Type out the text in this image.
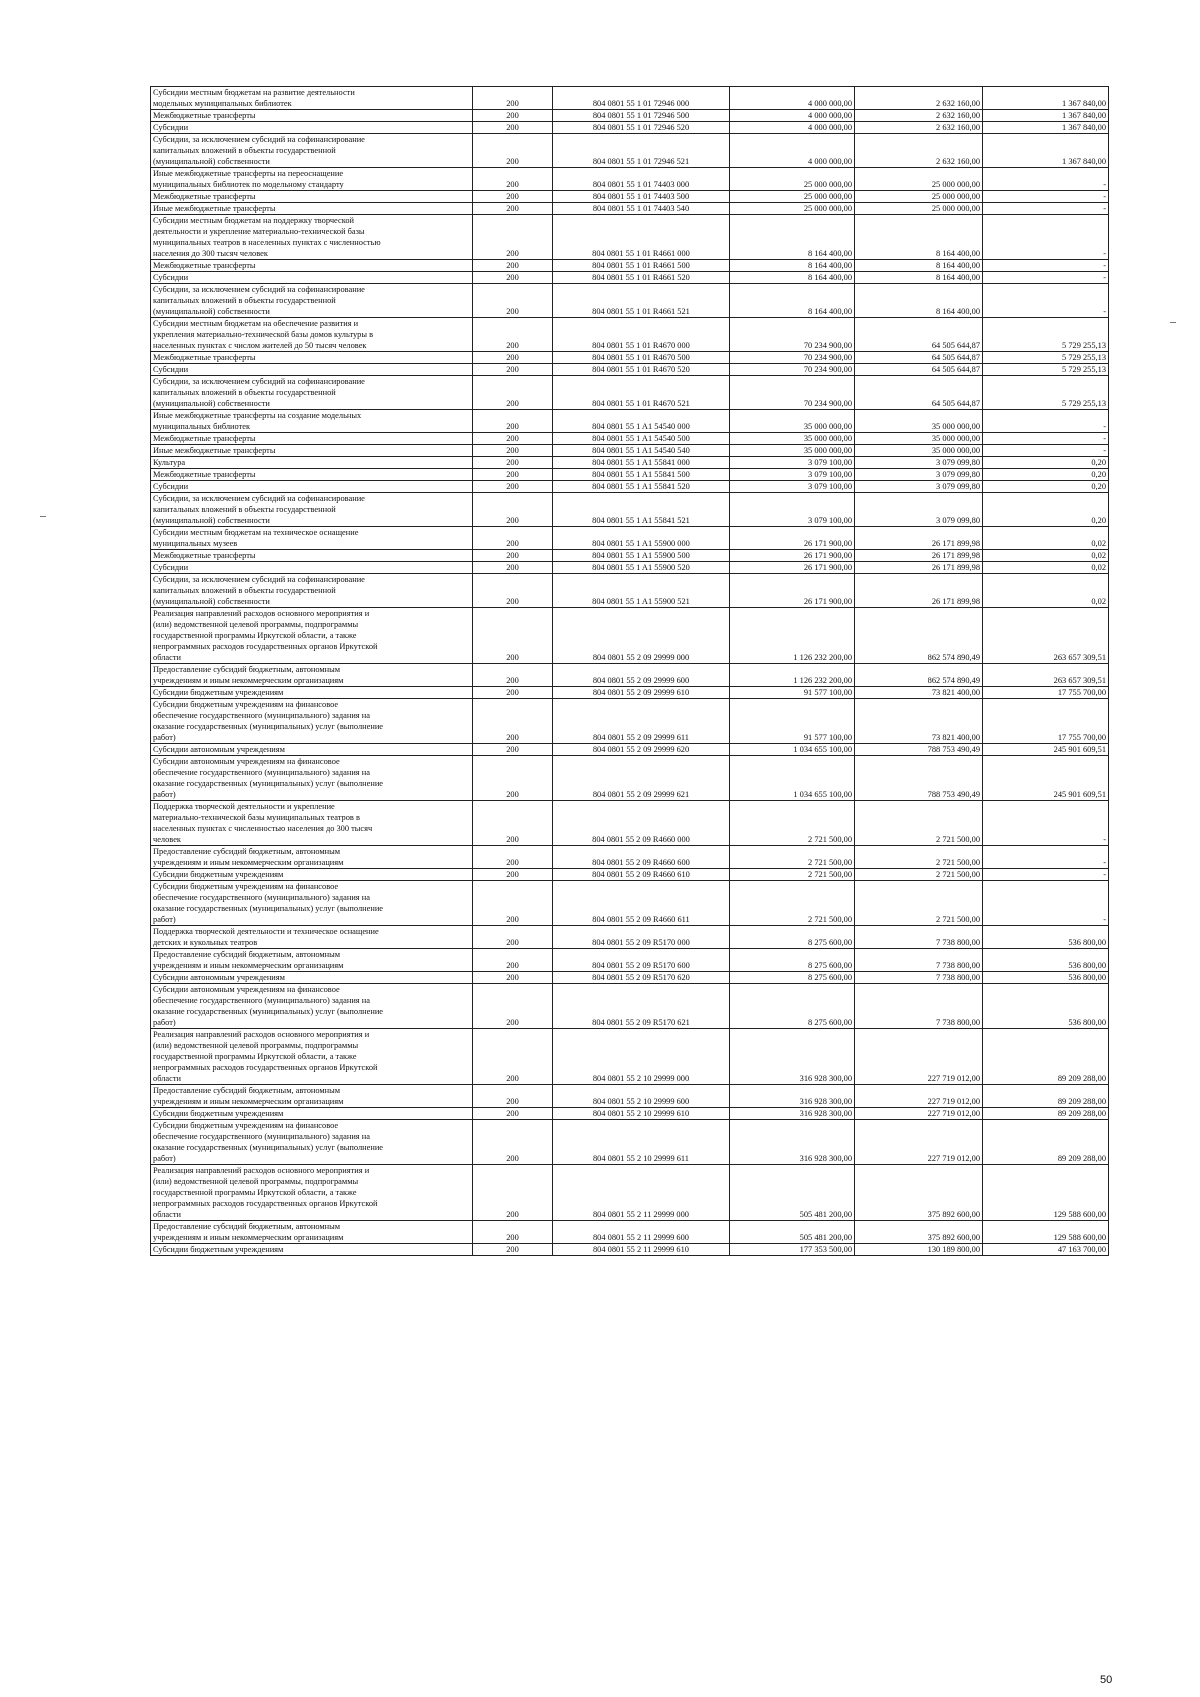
Субсидии местным бюджетам на развитие деятельности
модельных муниципальных библиотек	200	804 0801 55 1 01 72946 000	4 000 000,00	2 632 160,00	1 367 840,00
Межбюджетные трансферты	200	804 0801 55 1 01 72946 500	4 000 000,00	2 632 160,00	1 367 840,00
Субсидии	200	804 0801 55 1 01 72946 520	4 000 000,00	2 632 160,00	1 367 840,00
Субсидии, за исключением субсидий на софинансирование
капитальных вложений в объекты государственной
(муниципальной) собственности	200	804 0801 55 1 01 72946 521	4 000 000,00	2 632 160,00	1 367 840,00
Иные межбюджетные трансферты на переоснащение
муниципальных библиотек по модельному стандарту	200	804 0801 55 1 01 74403 000	25 000 000,00	25 000 000,00	-
Межбюджетные трансферты	200	804 0801 55 1 01 74403 500	25 000 000,00	25 000 000,00	-
Иные межбюджетные трансферты	200	804 0801 55 1 01 74403 540	25 000 000,00	25 000 000,00	-
Субсидии местным бюджетам на поддержку творческой
деятельности и укрепление материально-технической базы
муниципальных театров в населенных пунктах с численностью
населения до 300 тысяч человек	200	804 0801 55 1 01 R4661 000	8 164 400,00	8 164 400,00	-
Межбюджетные трансферты	200	804 0801 55 1 01 R4661 500	8 164 400,00	8 164 400,00	-
Субсидии	200	804 0801 55 1 01 R4661 520	8 164 400,00	8 164 400,00	-
Субсидии, за исключением субсидий на софинансирование
капитальных вложений в объекты государственной
(муниципальной) собственности	200	804 0801 55 1 01 R4661 521	8 164 400,00	8 164 400,00	-
Субсидии местным бюджетам на обеспечение развития и
укрепления материально-технической базы домов культуры в
населенных пунктах с числом жителей до 50 тысяч человек	200	804 0801 55 1 01 R4670 000	70 234 900,00	64 505 644,87	5 729 255,13
Межбюджетные трансферты	200	804 0801 55 1 01 R4670 500	70 234 900,00	64 505 644,87	5 729 255,13
Субсидии	200	804 0801 55 1 01 R4670 520	70 234 900,00	64 505 644,87	5 729 255,13
Субсидии, за исключением субсидий на софинансирование
капитальных вложений в объекты государственной
(муниципальной) собственности	200	804 0801 55 1 01 R4670 521	70 234 900,00	64 505 644,87	5 729 255,13
Иные межбюджетные трансферты на создание модельных
муниципальных библиотек	200	804 0801 55 1 A1 54540 000	35 000 000,00	35 000 000,00	-
Межбюджетные трансферты	200	804 0801 55 1 A1 54540 500	35 000 000,00	35 000 000,00	-
Иные межбюджетные трансферты	200	804 0801 55 1 A1 54540 540	35 000 000,00	35 000 000,00	-
Культура	200	804 0801 55 1 A1 55841 000	3 079 100,00	3 079 099,80	0,20
Межбюджетные трансферты	200	804 0801 55 1 A1 55841 500	3 079 100,00	3 079 099,80	0,20
Субсидии	200	804 0801 55 1 A1 55841 520	3 079 100,00	3 079 099,80	0,20
Субсидии, за исключением субсидий на софинансирование
капитальных вложений в объекты государственной
(муниципальной) собственности	200	804 0801 55 1 A1 55841 521	3 079 100,00	3 079 099,80	0,20
Субсидии местным бюджетам на техническое оснащение
муниципальных музеев	200	804 0801 55 1 A1 55900 000	26 171 900,00	26 171 899,98	0,02
Межбюджетные трансферты	200	804 0801 55 1 A1 55900 500	26 171 900,00	26 171 899,98	0,02
Субсидии	200	804 0801 55 1 A1 55900 520	26 171 900,00	26 171 899,98	0,02
Субсидии, за исключением субсидий на софинансирование
капитальных вложений в объекты государственной
(муниципальной) собственности	200	804 0801 55 1 A1 55900 521	26 171 900,00	26 171 899,98	0,02
Реализация направлений расходов основного мероприятия и
(или) ведомственной целевой программы, подпрограммы
государственной программы Иркутской области, а также
непрограммных расходов государственных органов Иркутской
области	200	804 0801 55 2 09 29999 000	1 126 232 200,00	862 574 890,49	263 657 309,51
Предоставление субсидий бюджетным, автономным
учреждениям и иным некоммерческим организациям	200	804 0801 55 2 09 29999 600	1 126 232 200,00	862 574 890,49	263 657 309,51
Субсидии бюджетным учреждениям	200	804 0801 55 2 09 29999 610	91 577 100,00	73 821 400,00	17 755 700,00
Субсидии бюджетным учреждениям на финансовое
обеспечение государственного (муниципального) задания на
оказание государственных (муниципальных) услуг (выполнение
работ)	200	804 0801 55 2 09 29999 611	91 577 100,00	73 821 400,00	17 755 700,00
Субсидии автономным учреждениям	200	804 0801 55 2 09 29999 620	1 034 655 100,00	788 753 490,49	245 901 609,51
Субсидии автономным учреждениям на финансовое
обеспечение государственного (муниципального) задания на
оказание государственных (муниципальных) услуг (выполнение
работ)	200	804 0801 55 2 09 29999 621	1 034 655 100,00	788 753 490,49	245 901 609,51
Поддержка творческой деятельности и укрепление
материально-технической базы муниципальных театров в
населенных пунктах с численностью населения до 300 тысяч
человек	200	804 0801 55 2 09 R4660 000	2 721 500,00	2 721 500,00	-
Предоставление субсидий бюджетным, автономным
учреждениям и иным некоммерческим организациям	200	804 0801 55 2 09 R4660 600	2 721 500,00	2 721 500,00	-
Субсидии бюджетным учреждениям	200	804 0801 55 2 09 R4660 610	2 721 500,00	2 721 500,00	-
Субсидии бюджетным учреждениям на финансовое
обеспечение государственного (муниципального) задания на
оказание государственных (муниципальных) услуг (выполнение
работ)	200	804 0801 55 2 09 R4660 611	2 721 500,00	2 721 500,00	-
Поддержка творческой деятельности и техническое оснащение
детских и кукольных театров	200	804 0801 55 2 09 R5170 000	8 275 600,00	7 738 800,00	536 800,00
Предоставление субсидий бюджетным, автономным
учреждениям и иным некоммерческим организациям	200	804 0801 55 2 09 R5170 600	8 275 600,00	7 738 800,00	536 800,00
Субсидии автономным учреждениям	200	804 0801 55 2 09 R5170 620	8 275 600,00	7 738 800,00	536 800,00
Субсидии автономным учреждениям на финансовое
обеспечение государственного (муниципального) задания на
оказание государственных (муниципальных) услуг (выполнение
работ)	200	804 0801 55 2 09 R5170 621	8 275 600,00	7 738 800,00	536 800,00
Реализация направлений расходов основного мероприятия и
(или) ведомственной целевой программы, подпрограммы
государственной программы Иркутской области, а также
непрограммных расходов государственных органов Иркутской
области	200	804 0801 55 2 10 29999 000	316 928 300,00	227 719 012,00	89 209 288,00
Предоставление субсидий бюджетным, автономным
учреждениям и иным некоммерческим организациям	200	804 0801 55 2 10 29999 600	316 928 300,00	227 719 012,00	89 209 288,00
Субсидии бюджетным учреждениям	200	804 0801 55 2 10 29999 610	316 928 300,00	227 719 012,00	89 209 288,00
Субсидии бюджетным учреждениям на финансовое
обеспечение государственного (муниципального) задания на
оказание государственных (муниципальных) услуг (выполнение
работ)	200	804 0801 55 2 10 29999 611	316 928 300,00	227 719 012,00	89 209 288,00
Реализация направлений расходов основного мероприятия и
(или) ведомственной целевой программы, подпрограммы
государственной программы Иркутской области, а также
непрограммных расходов государственных органов Иркутской
области	200	804 0801 55 2 11 29999 000	505 481 200,00	375 892 600,00	129 588 600,00
Предоставление субсидий бюджетным, автономным
учреждениям и иным некоммерческим организациям	200	804 0801 55 2 11 29999 600	505 481 200,00	375 892 600,00	129 588 600,00
Субсидии бюджетным учреждениям	200	804 0801 55 2 11 29999 610	177 353 500,00	130 189 800,00	47 163 700,00
50
